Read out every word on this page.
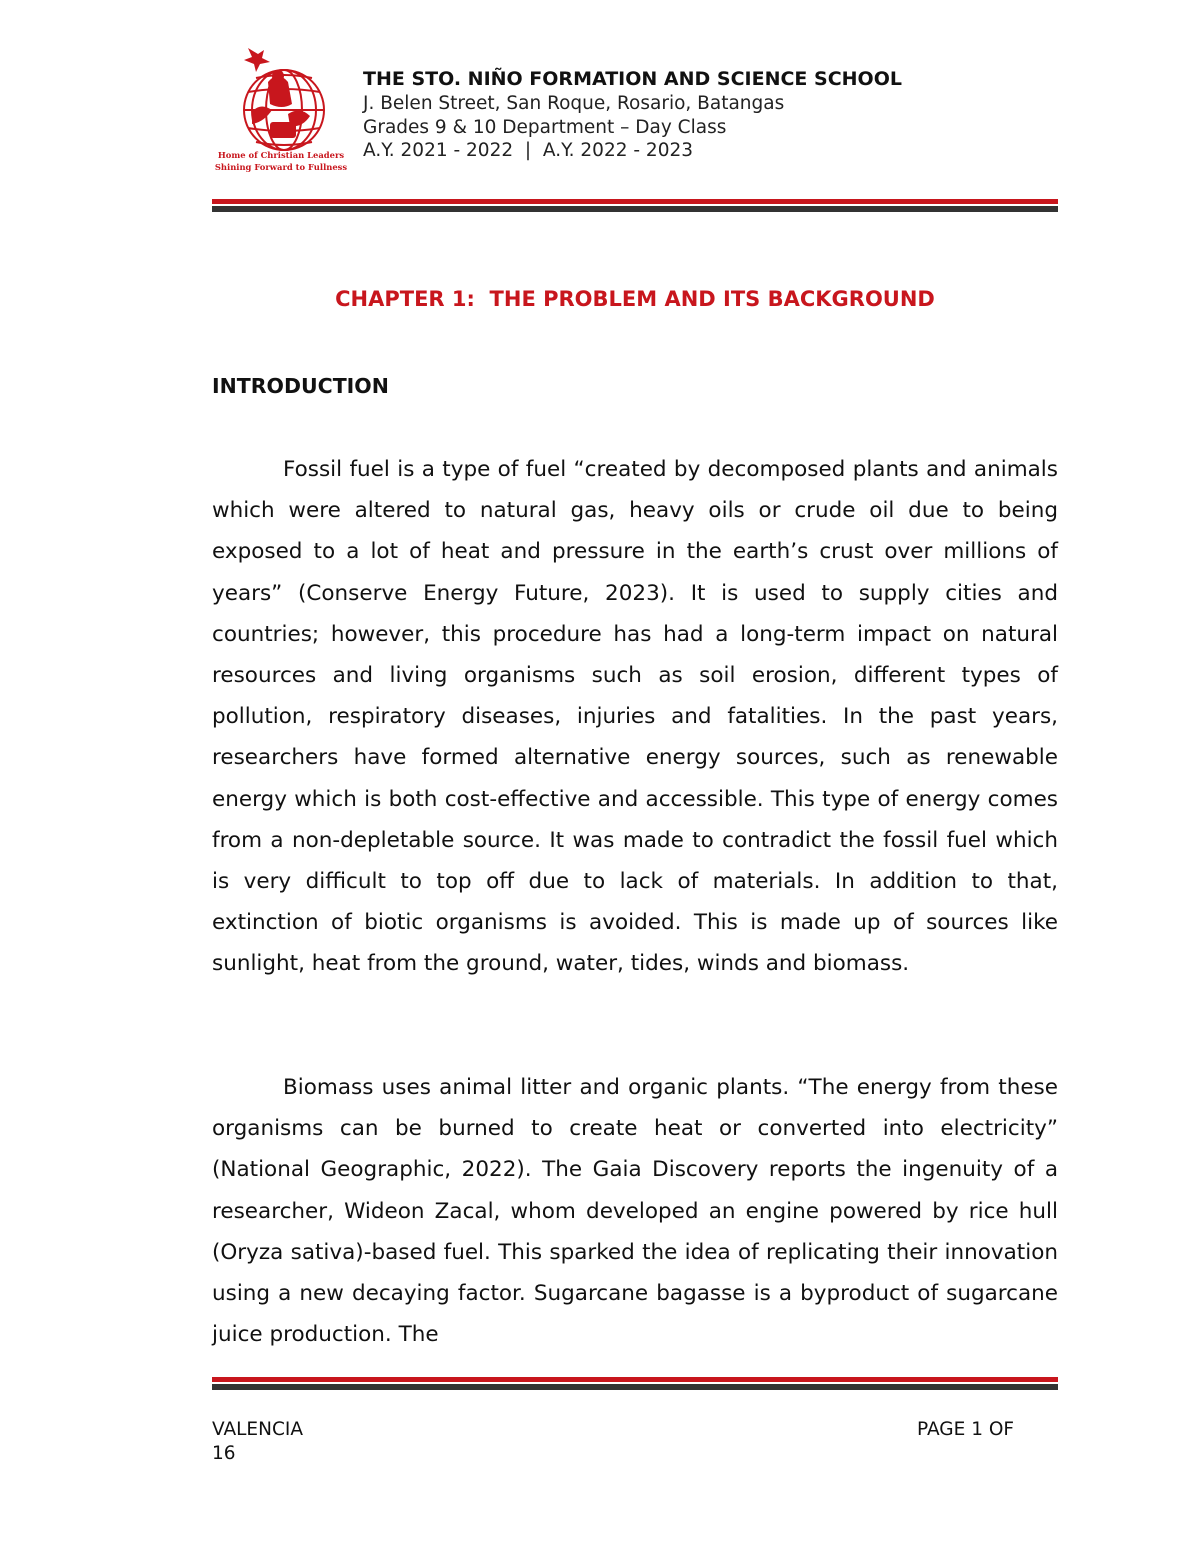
Home of Christian Leaders
Shining Forward to Fullness
THE STO. NIÑO FORMATION AND SCIENCE SCHOOL
J. Belen Street, San Roque, Rosario, Batangas
Grades 9 & 10 Department – Day Class
A.Y. 2021 - 2022  |  A.Y. 2022 - 2023
CHAPTER 1:  THE PROBLEM AND ITS BACKGROUND
INTRODUCTION

Fossil fuel is a type of fuel “created by decomposed plants and animals which were altered to natural gas, heavy oils or crude oil due to being exposed to a lot of heat and pressure in the earth’s crust over millions of years” (Conserve Energy Future, 2023). It is used to supply cities and countries; however, this procedure has had a long-term impact on natural resources and living organisms such as soil erosion, different types of pollution, respiratory diseases, injuries and fatalities. In the past years, researchers have formed alternative energy sources, such as renewable energy which is both cost-effective and accessible. This type of energy comes from a non-depletable source. It was made to contradict the fossil fuel which is very difficult to top off due to lack of materials. In addition to that, extinction of biotic organisms is avoided. This is made up of sources like sunlight, heat from the ground, water, tides, winds and biomass.

Biomass uses animal litter and organic plants. “The energy from these organisms can be burned to create heat or converted into electricity” (National Geographic, 2022). The Gaia Discovery reports the ingenuity of a researcher, Wideon Zacal, whom developed an engine powered by rice hull (Oryza sativa)-based fuel. This sparked the idea of replicating their innovation using a new decaying factor. Sugarcane bagasse is a byproduct of sugarcane juice production. The

VALENCIA	PAGE 1 OF
16
